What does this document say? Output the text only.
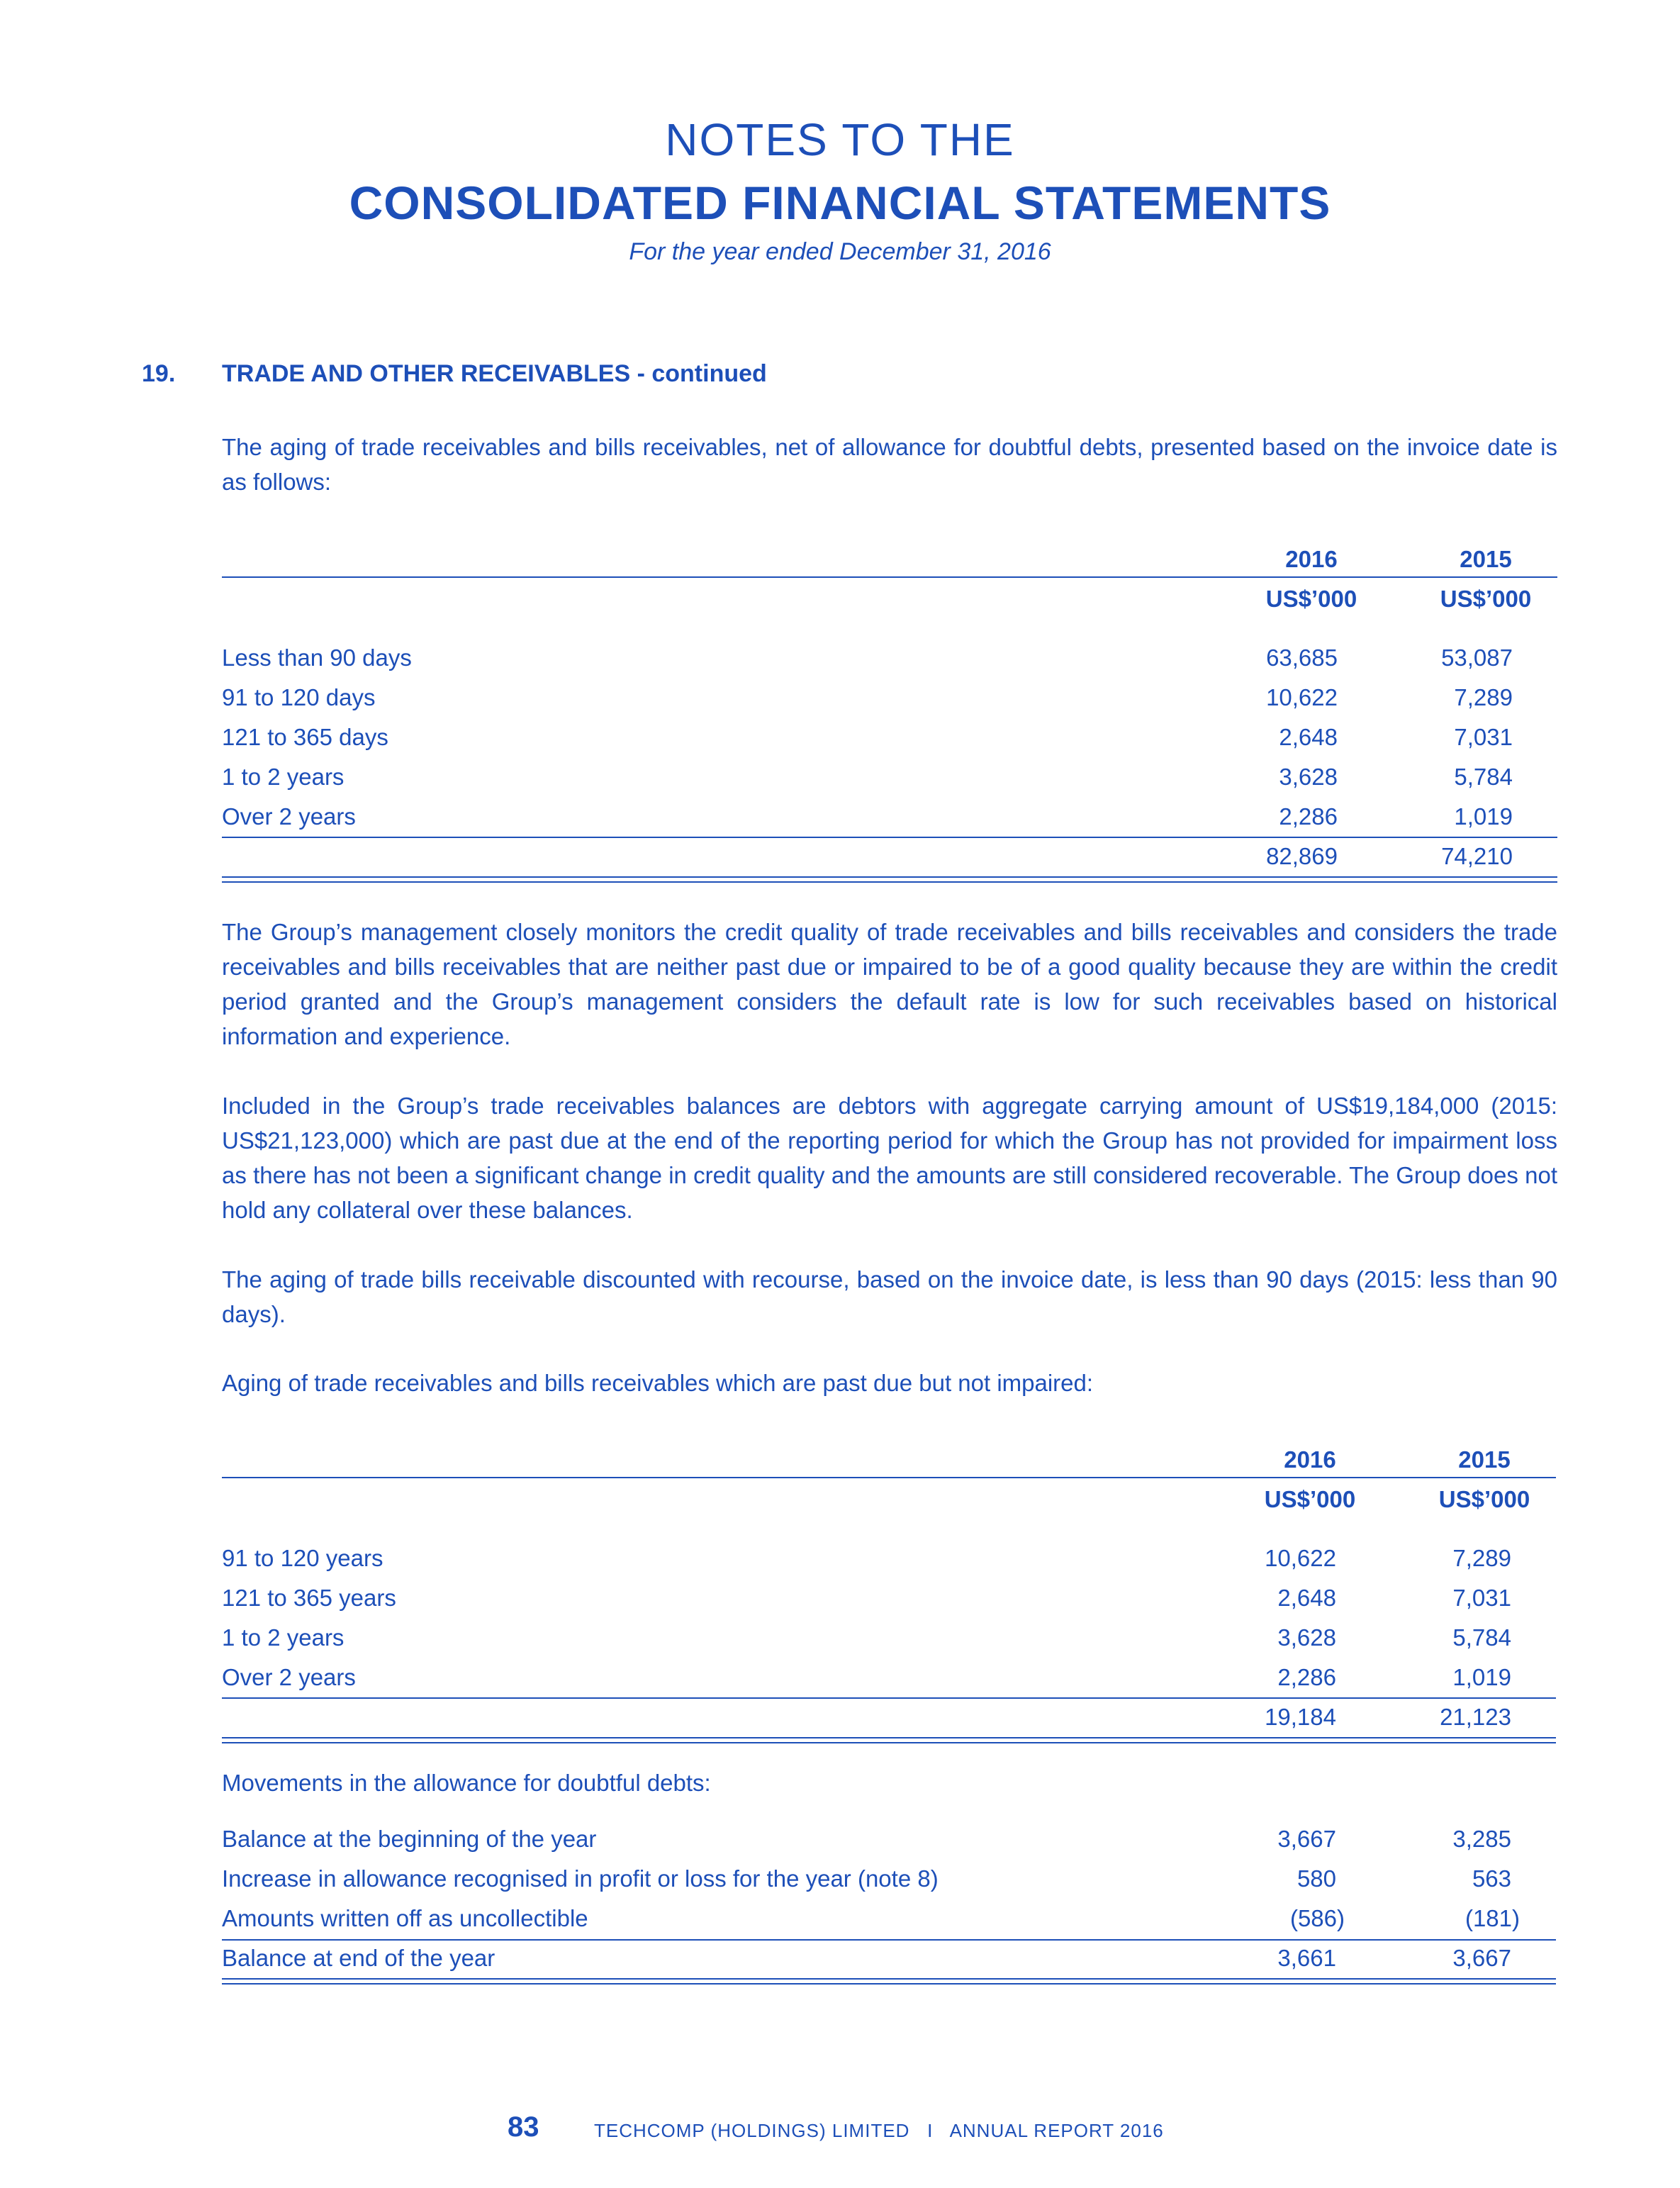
NOTES TO THE
CONSOLIDATED FINANCIAL STATEMENTS
For the year ended December 31, 2016
19. TRADE AND OTHER RECEIVABLES - continued
The aging of trade receivables and bills receivables, net of allowance for doubtful debts, presented based on the invoice date is as follows:
2016	2015
US$’000	US$’000
Less than 90 days	63,685	53,087
91 to 120 days	10,622	7,289
121 to 365 days	2,648	7,031
1 to 2 years	3,628	5,784
Over 2 years	2,286	1,019
82,869	74,210
The Group’s management closely monitors the credit quality of trade receivables and bills receivables and considers the trade receivables and bills receivables that are neither past due or impaired to be of a good quality because they are within the credit period granted and the Group’s management considers the default rate is low for such receivables based on historical information and experience.
Included in the Group’s trade receivables balances are debtors with aggregate carrying amount of US$19,184,000 (2015: US$21,123,000) which are past due at the end of the reporting period for which the Group has not provided for impairment loss as there has not been a significant change in credit quality and the amounts are still considered recoverable. The Group does not hold any collateral over these balances.
The aging of trade bills receivable discounted with recourse, based on the invoice date, is less than 90 days (2015: less than 90 days).
Aging of trade receivables and bills receivables which are past due but not impaired:
2016	2015
US$’000	US$’000
91 to 120 years	10,622	7,289
121 to 365 years	2,648	7,031
1 to 2 years	3,628	5,784
Over 2 years	2,286	1,019
19,184	21,123
Movements in the allowance for doubtful debts:
Balance at the beginning of the year	3,667	3,285
Increase in allowance recognised in profit or loss for the year (note 8)	580	563
Amounts written off as uncollectible	(586)	(181)
Balance at end of the year	3,661	3,667
83	TECHCOMP (HOLDINGS) LIMITED   I   ANNUAL REPORT 2016
